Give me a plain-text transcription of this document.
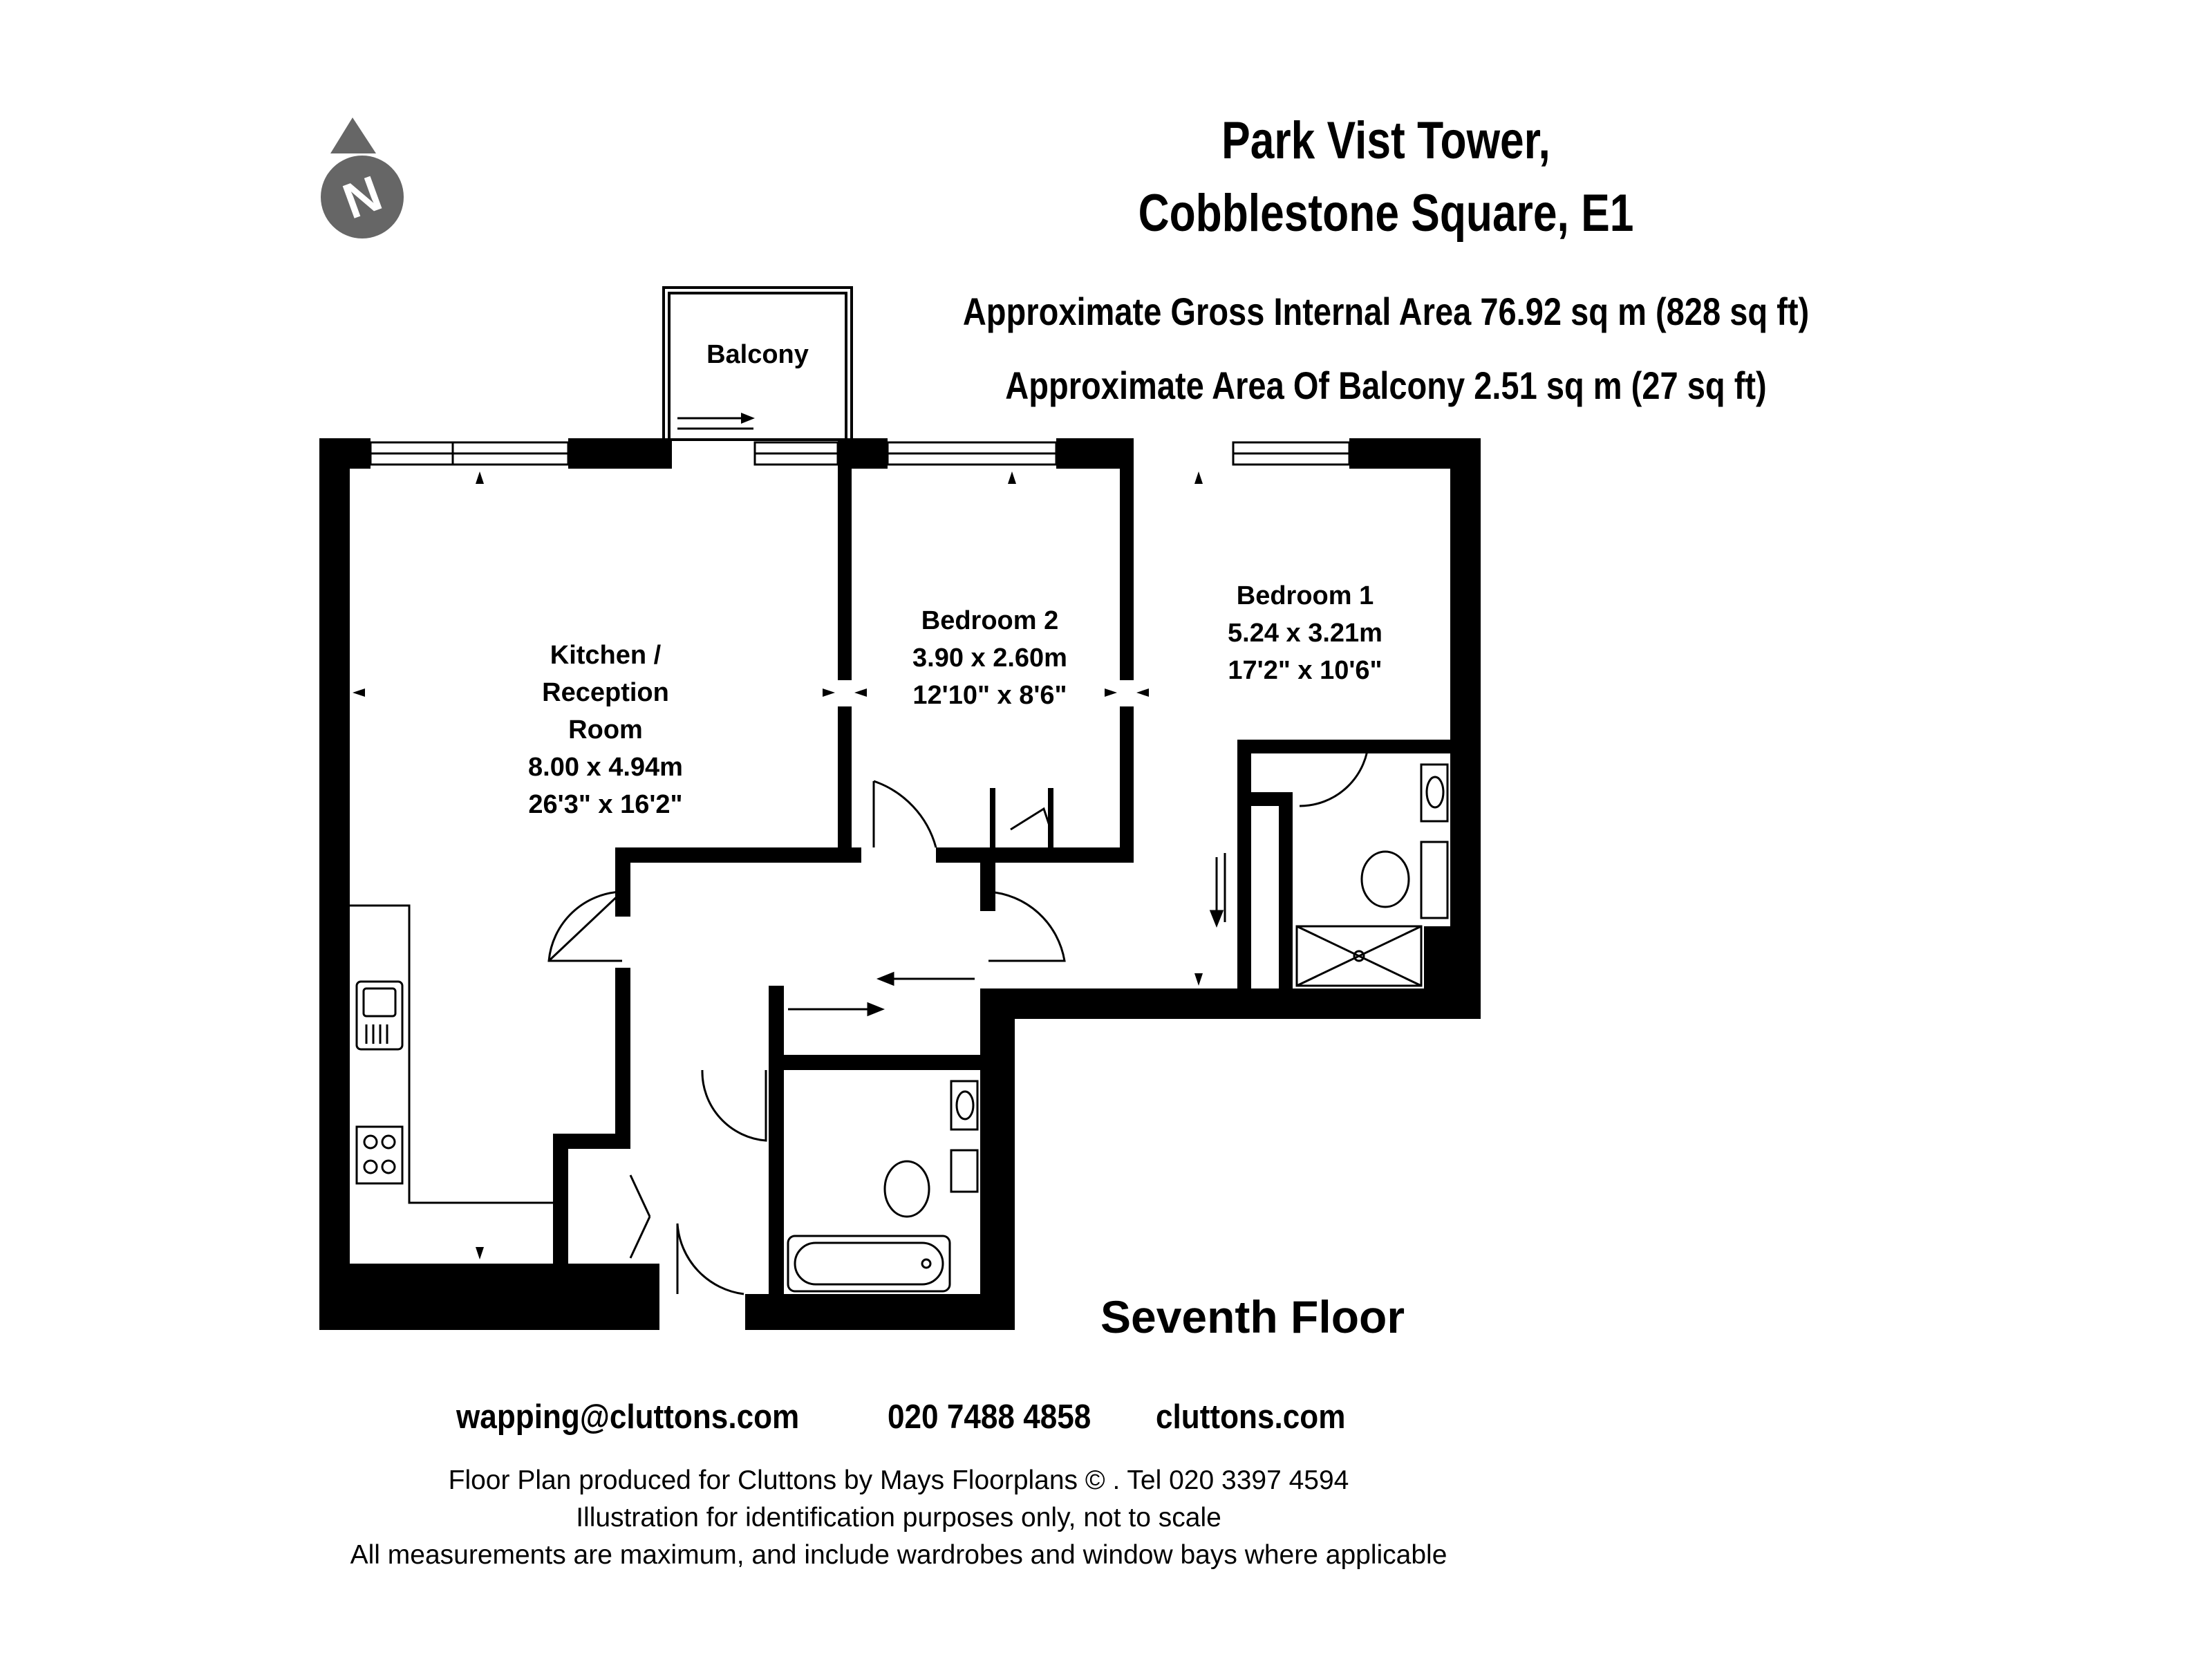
Park Vist Tower,
Cobblestone Square, E1
Approximate Gross Internal Area 76.92 sq m (828 sq ft)
Approximate Area Of Balcony 2.51 sq m (27 sq ft)
N
Balcony
Kitchen /
Reception
Room
8.00 x 4.94m
26'3" x 16'2"
Bedroom 2
3.90 x 2.60m
12'10" x 8'6"
Bedroom 1
5.24 x 3.21m
17'2" x 10'6"
Seventh Floor
wapping@cluttons.com	020 7488 4858 cluttons.com
Floor Plan produced for Cluttons by Mays Floorplans © . Tel 020 3397 4594
Illustration for identification purposes only, not to scale
All measurements are maximum, and include wardrobes and window bays where applicable
